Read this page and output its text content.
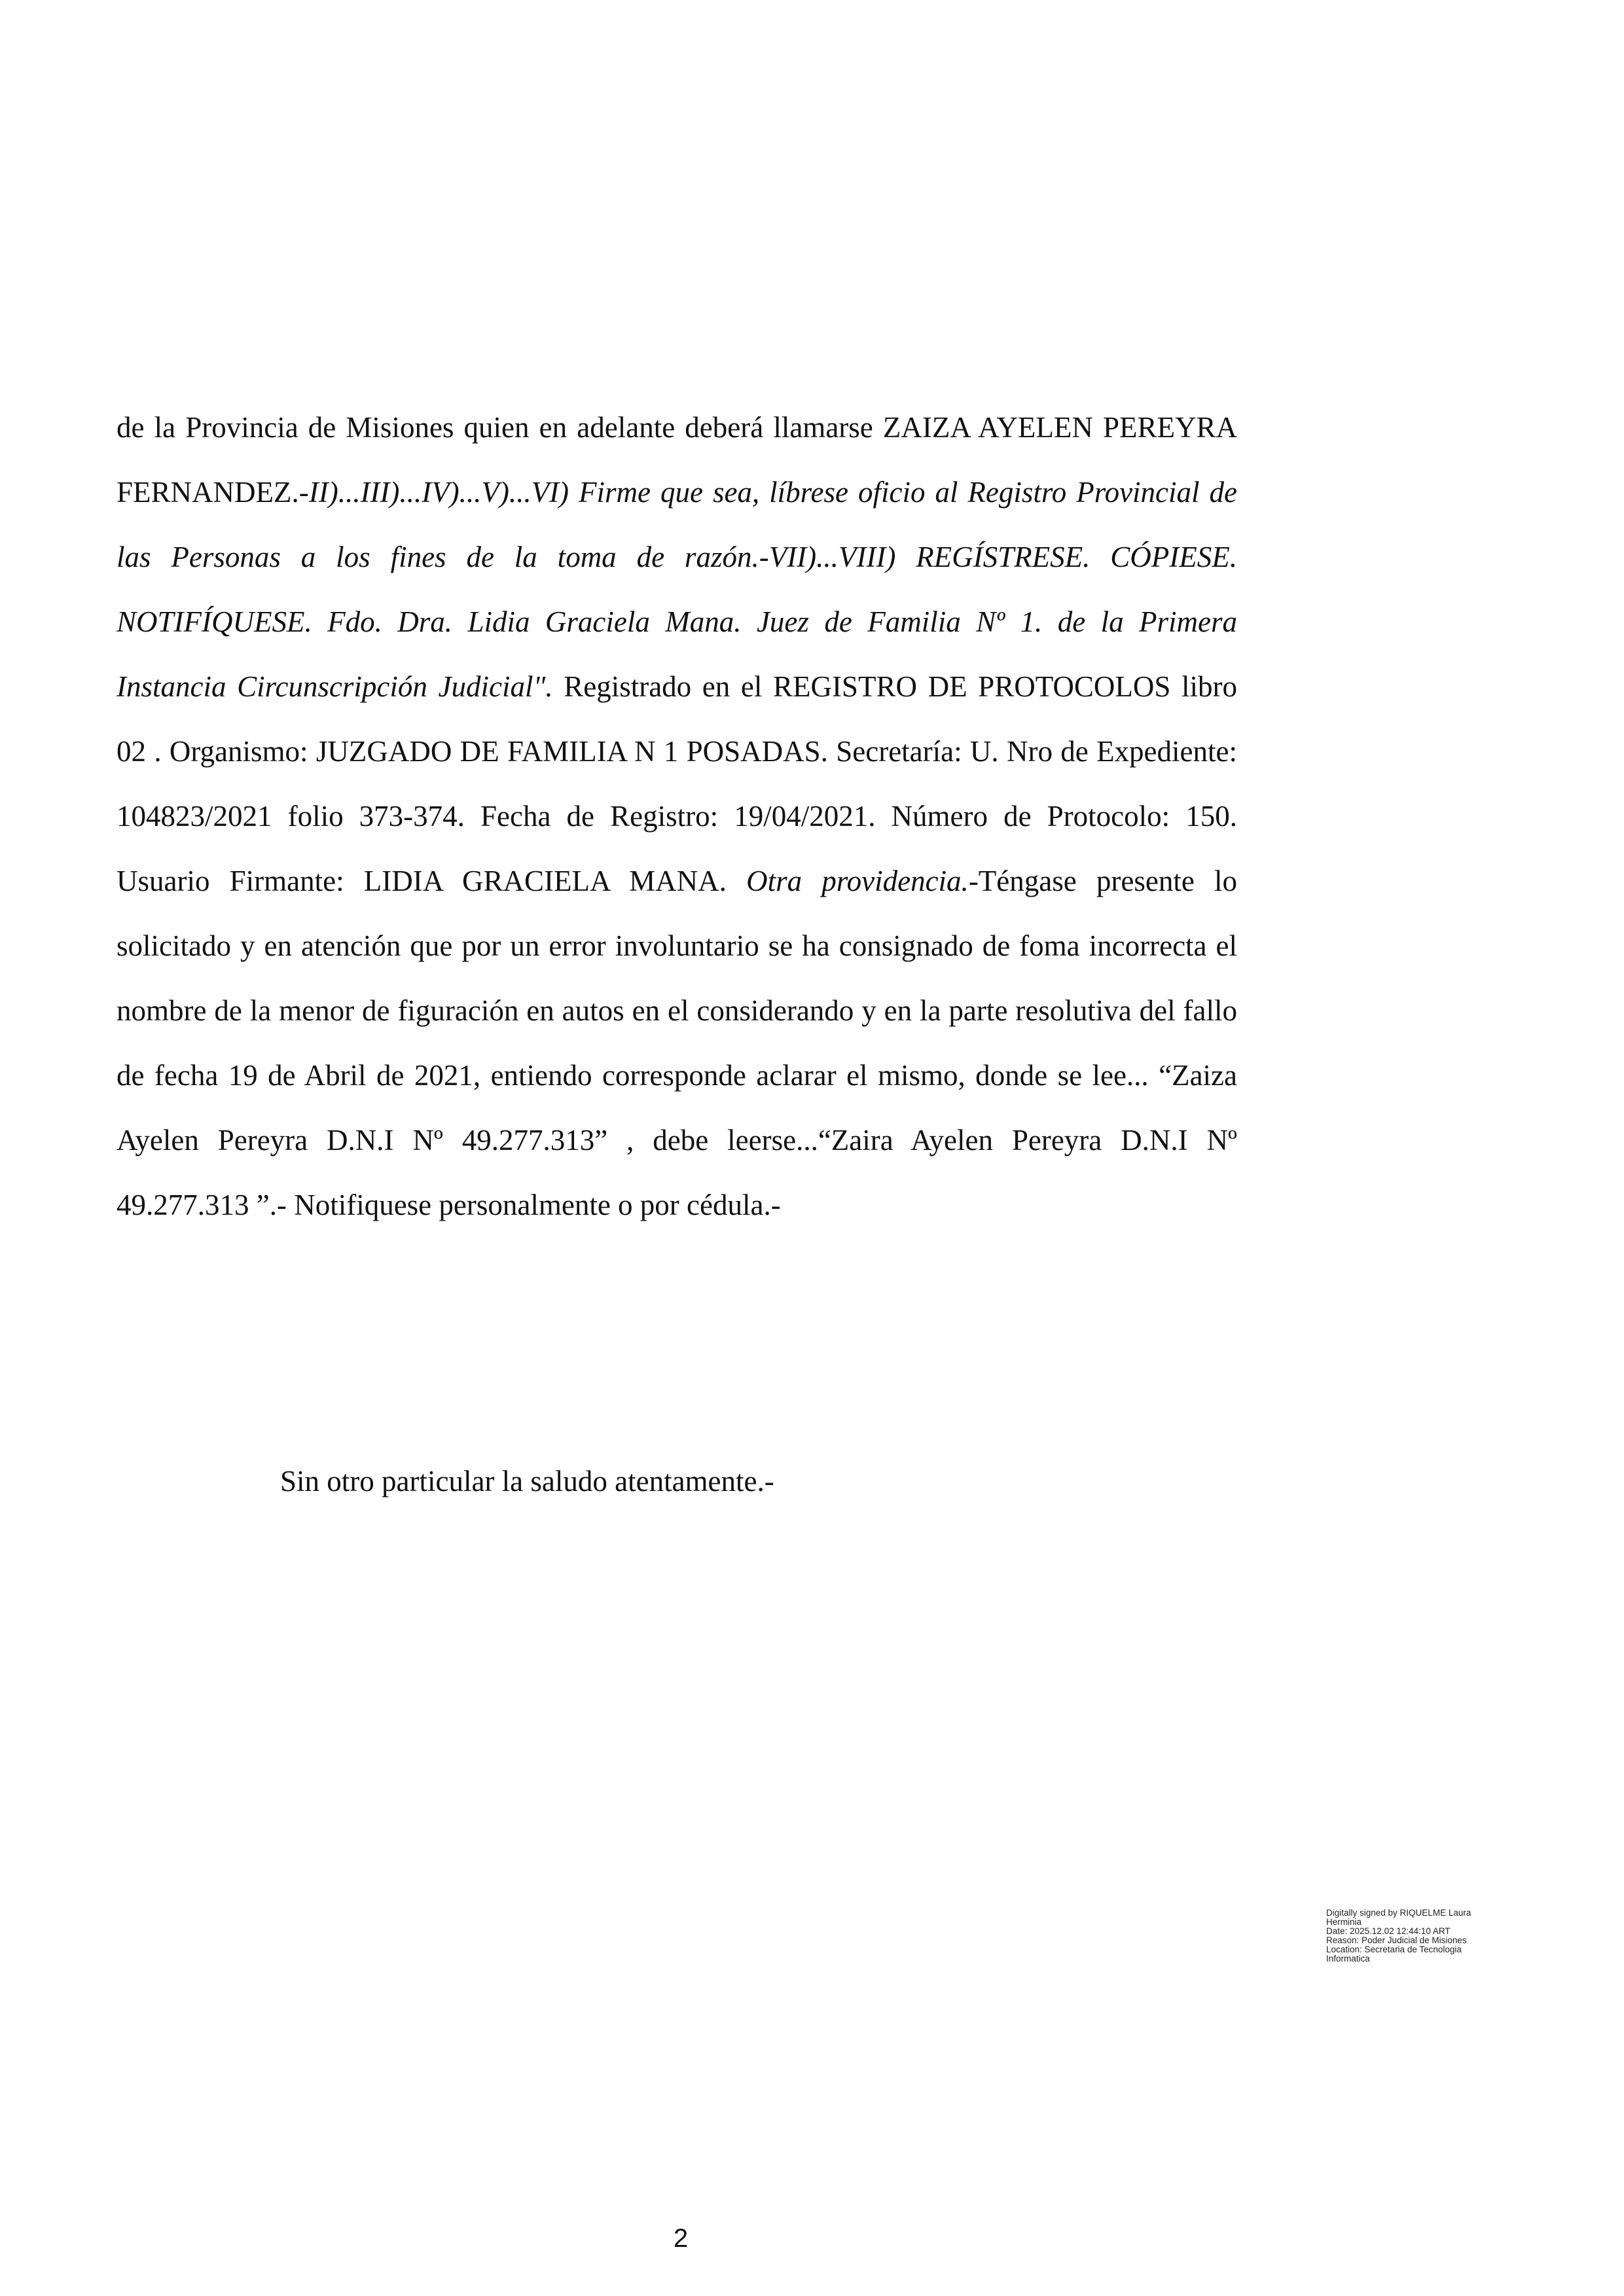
de la Provincia de Misiones quien en adelante deberá llamarse ZAIZA AYELEN PEREYRA FERNANDEZ.-II)...III)...IV)...V)...VI) Firme que sea, líbrese oficio al Registro Provincial de las Personas a los fines de la toma de razón.-VII)...VIII) REGÍSTRESE. CÓPIESE. NOTIFÍQUESE. Fdo. Dra. Lidia Graciela Mana. Juez de Familia Nº 1. de la Primera Instancia Circunscripción Judicial". Registrado en el REGISTRO DE PROTOCOLOS libro 02 . Organismo: JUZGADO DE FAMILIA N 1 POSADAS. Secretaría: U. Nro de Expediente: 104823/2021 folio 373-374. Fecha de Registro: 19/04/2021. Número de Protocolo: 150. Usuario Firmante: LIDIA GRACIELA MANA. Otra providencia.-Téngase presente lo solicitado y en atención que por un error involuntario se ha consignado de foma incorrecta el nombre de la menor de figuración en autos en el considerando y en la parte resolutiva del fallo de fecha 19 de Abril de 2021, entiendo corresponde aclarar el mismo, donde se lee... “Zaiza Ayelen Pereyra D.N.I Nº 49.277.313” , debe leerse...“Zaira Ayelen Pereyra D.N.I Nº 49.277.313 ”.- Notifiquese personalmente o por cédula.-

Sin otro particular la saludo atentamente.-
Digitally signed by RIQUELME Laura
Herminia
Date: 2025.12.02 12:44:10 ART
Reason: Poder Judicial de Misiones
Location: Secretaria de Tecnologia
Informatica
2
